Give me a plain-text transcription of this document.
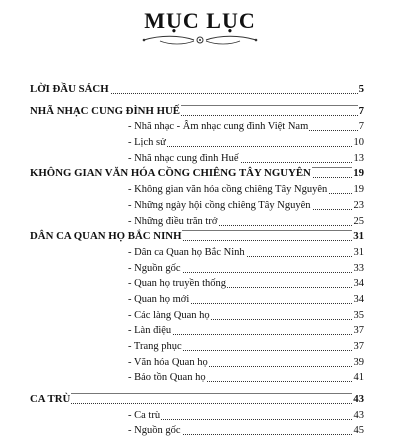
MỤC LỤC
LỜI ĐẦU SÁCH	5
NHÃ NHẠC CUNG ĐÌNH HUẾ	7
- Nhã nhạc - Âm nhạc cung đình Việt Nam	7
- Lịch sử	10
- Nhã nhạc cung đình Huế	13
KHÔNG GIAN VĂN HÓA CỒNG CHIÊNG TÂY NGUYÊN	19
- Không gian văn hóa cồng chiêng Tây Nguyên 19
- Những ngày hội cồng chiêng Tây Nguyên	23
- Những điều trăn trở	25
DÂN CA QUAN HỌ BẮC NINH	31
- Dân ca Quan họ Bắc Ninh	31
- Nguồn gốc	33
- Quan họ truyền thống	34
- Quan họ mới	34
- Các làng Quan họ	35
- Làn điệu	37
- Trang phục	37
- Văn hóa Quan họ	39
- Bảo tồn Quan họ	41
CA TRÙ	43
- Ca trù	43
- Nguồn gốc	45
